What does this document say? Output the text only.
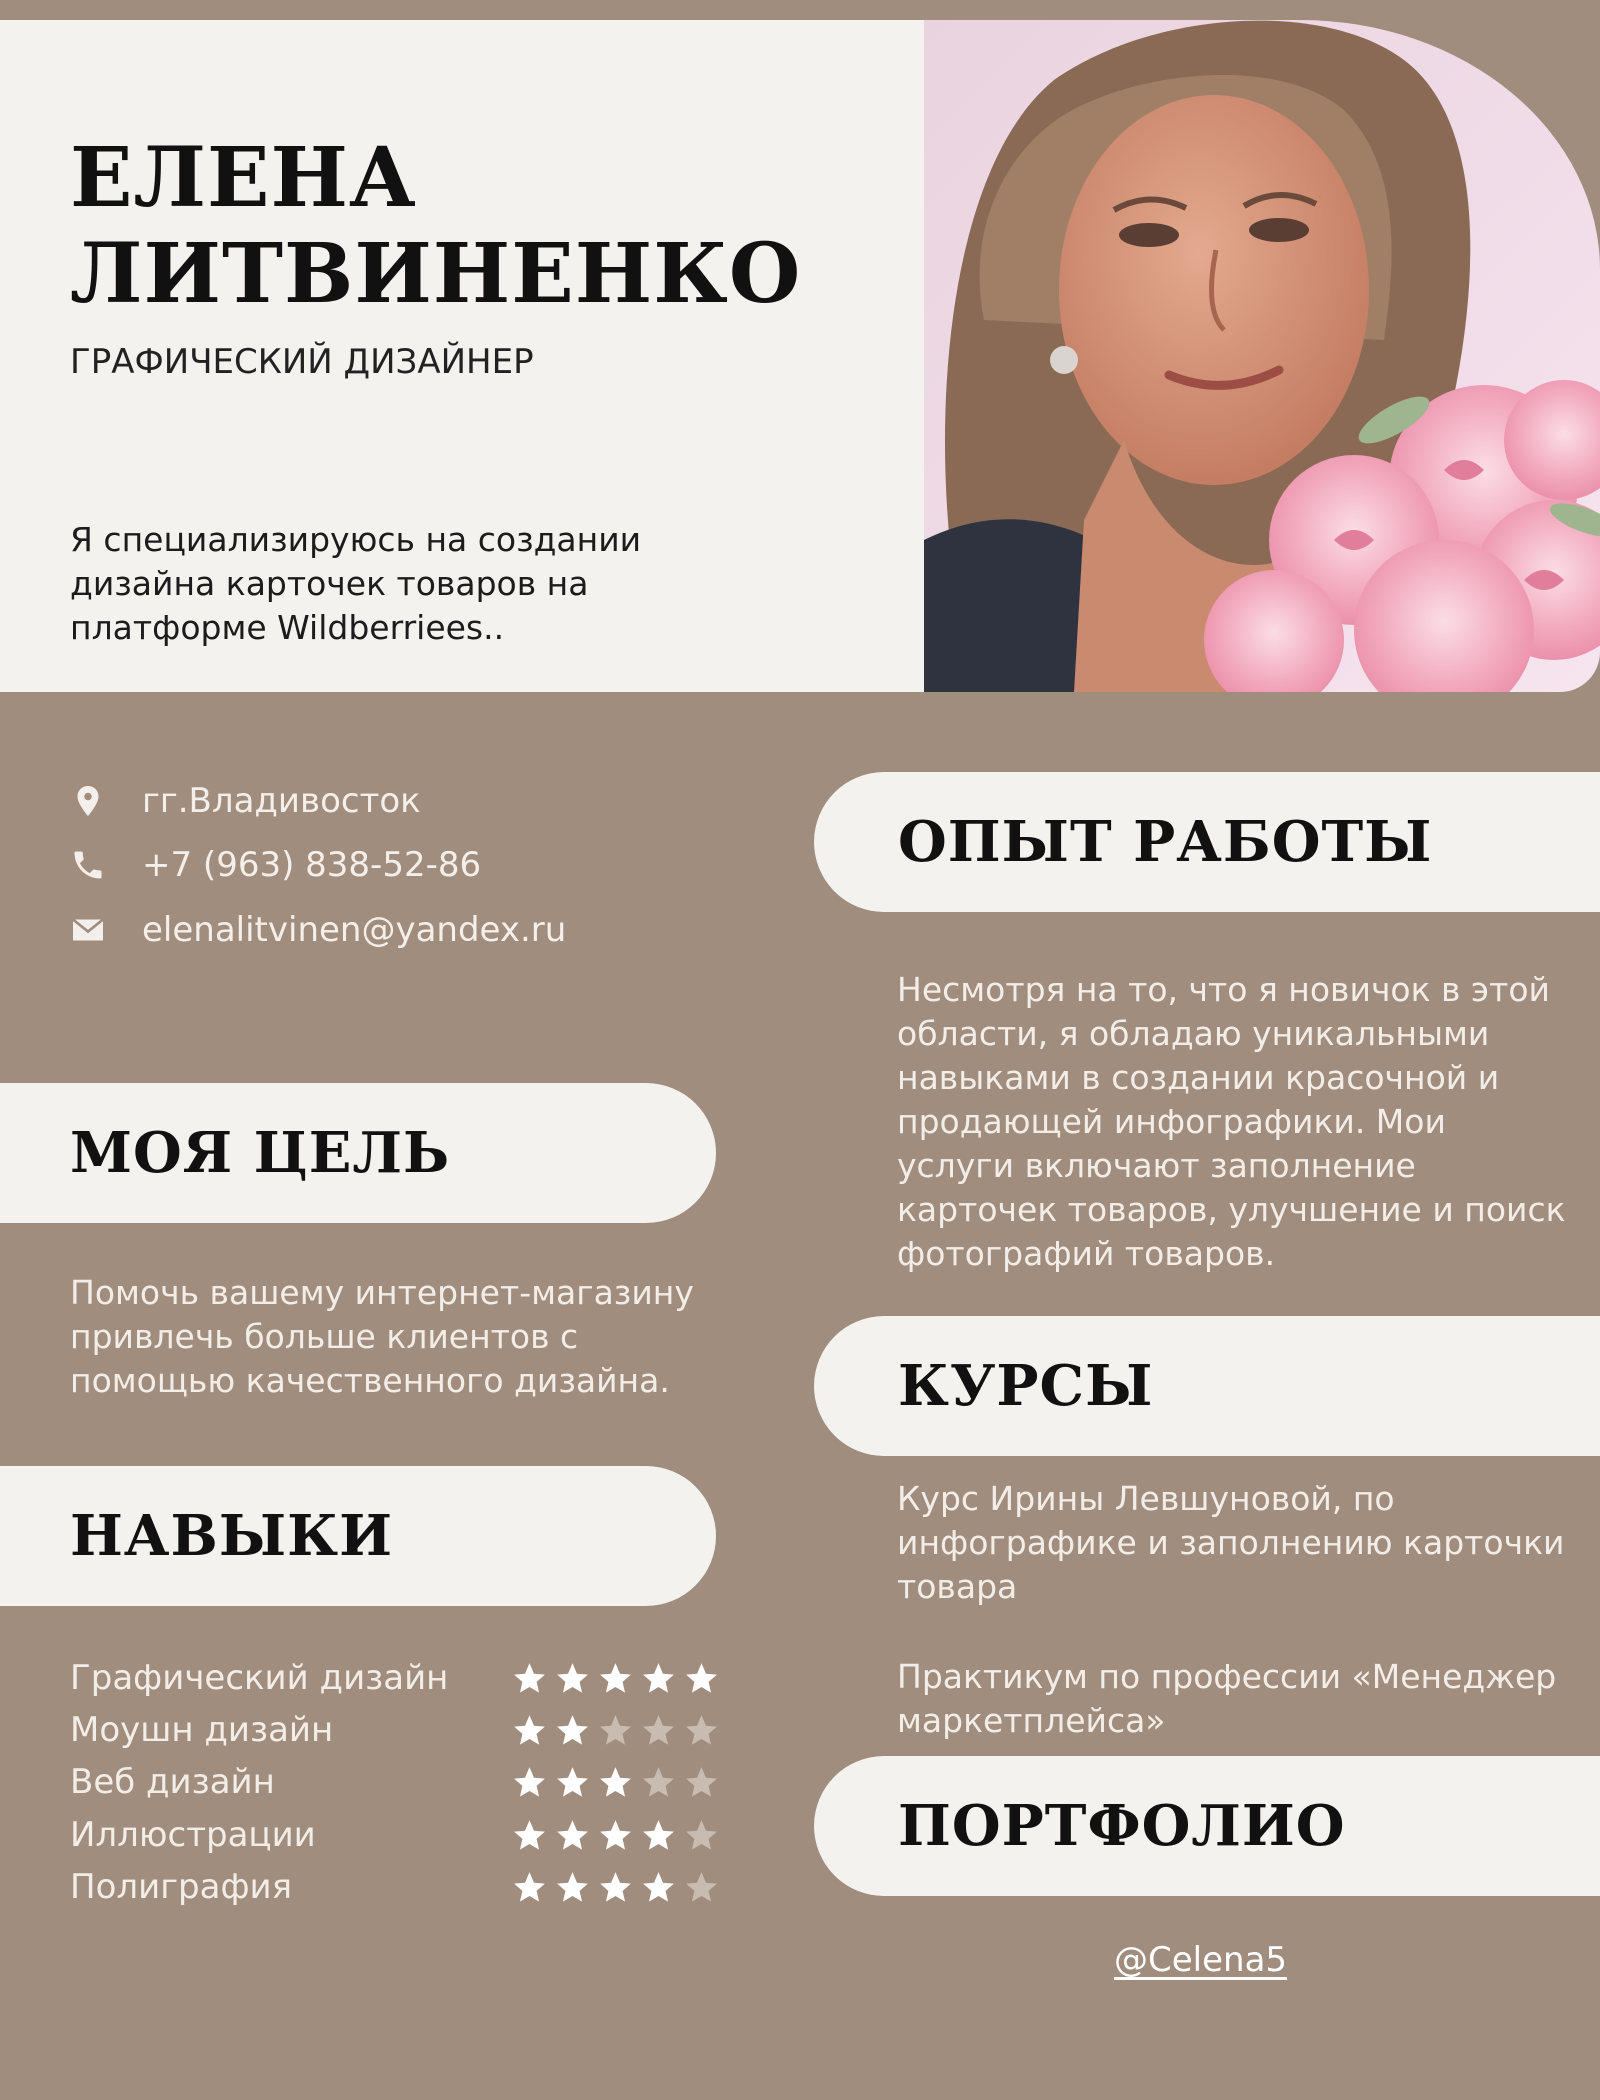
ЕЛЕНА
ЛИТВИНЕНКО
ГРАФИЧЕСКИЙ ДИЗАЙНЕР
Я специализируюсь на создании
дизайна карточек товаров на
платформе Wildberriees..
гг.Владивосток
+7 (963) 838-52-86
elenalitvinen@yandex.ru
МОЯ ЦЕЛЬ
Помочь вашему интернет-магазину
привлечь больше клиентов с
помощью качественного дизайна.
НАВЫКИ
Графический дизайн
Моушн дизайн
Веб дизайн
Иллюстрации
Полиграфия
ОПЫТ РАБОТЫ
Несмотря на то, что я новичок в этой
области, я обладаю уникальными
навыками в создании красочной и
продающей инфографики. Мои
услуги включают заполнение
карточек товаров, улучшение и поиск
фотографий товаров.
КУРСЫ
Курс Ирины Левшуновой, по
инфографике и заполнению карточки
товара
Практикум по профессии «Менеджер
маркетплейса»
ПОРТФОЛИО
@Celena5
